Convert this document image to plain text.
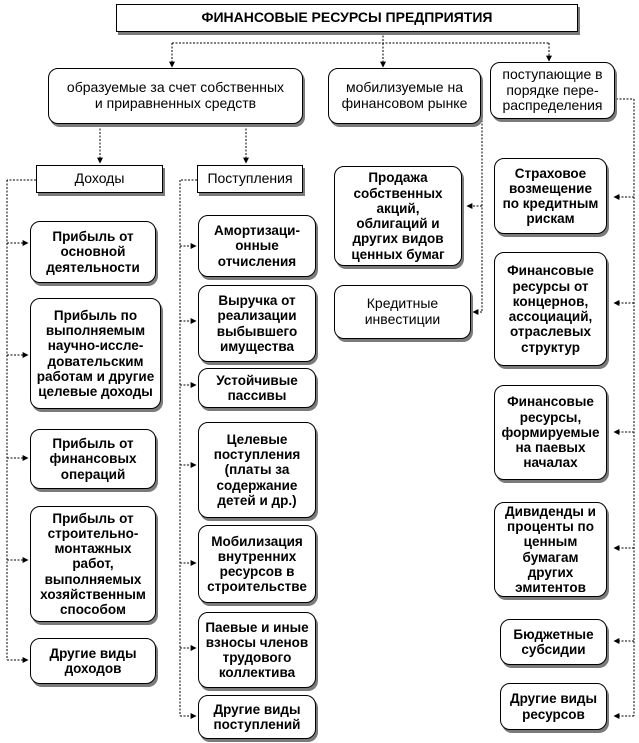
ФИНАНСОВЫЕ РЕСУРСЫ ПРЕДПРИЯТИЯ
образуемые за счет собственных
и приравненных средств
мобилизуемые на
финансовом рынке
поступающие в
порядке пере-
распределения
Доходы
Прибыль от
основной
деятельности
Прибыль по
выполняемым
научно-иссле-
довательским
работам и другие
целевые доходы
Прибыль от
финансовых
операций
Прибыль от
строительно-
монтажных
работ,
выполняемых
хозяйственным
способом
Другие виды
доходов
Поступления
Амортизаци-
онные
отчисления
Выручка от
реализации
выбывшего
имущества
Устойчивые
пассивы
Целевые
поступления
(платы за
содержание
детей и др.)
Мобилизация
внутренних
ресурсов в
строительстве
Паевые и иные
взносы членов
трудового
коллектива
Другие виды
поступлений
Продажа
собственных
акций,
облигаций и
других видов
ценных бумаг
Кредитные
инвестиции
Страховое
возмещение
по кредитным
рискам
Финансовые
ресурсы от
концернов,
ассоциаций,
отраслевых
структур
Финансовые
ресурсы,
формируемые
на паевых
началах
Дивиденды и
проценты по
ценным
бумагам других
эмитентов
Бюджетные
субсидии
Другие виды
ресурсов
